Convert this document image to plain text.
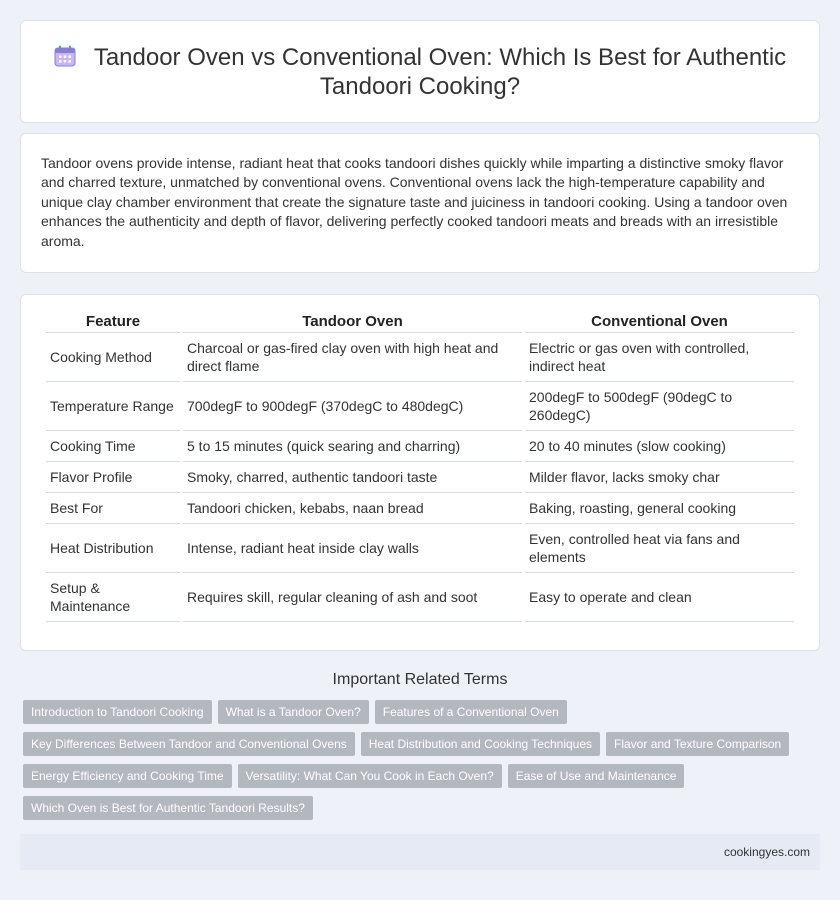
Tandoor Oven vs Conventional Oven: Which Is Best for Authentic Tandoori Cooking?

Tandoor ovens provide intense, radiant heat that cooks tandoori dishes quickly while imparting a distinctive smoky flavor and charred texture, unmatched by conventional ovens. Conventional ovens lack the high-temperature capability and unique clay chamber environment that create the signature taste and juiciness in tandoori cooking. Using a tandoor oven enhances the authenticity and depth of flavor, delivering perfectly cooked tandoori meats and breads with an irresistible aroma.

Feature	Tandoor Oven	Conventional Oven
Cooking Method	Charcoal or gas-fired clay oven with high heat and direct flame	Electric or gas oven with controlled, indirect heat
Temperature Range	700degF to 900degF (370degC to 480degC)	200degF to 500degF (90degC to 260degC)
Cooking Time	5 to 15 minutes (quick searing and charring)	20 to 40 minutes (slow cooking)
Flavor Profile	Smoky, charred, authentic tandoori taste	Milder flavor, lacks smoky char
Best For	Tandoori chicken, kebabs, naan bread	Baking, roasting, general cooking
Heat Distribution	Intense, radiant heat inside clay walls	Even, controlled heat via fans and elements
Setup & Maintenance	Requires skill, regular cleaning of ash and soot	Easy to operate and clean
Important Related Terms
Introduction to Tandoori Cooking	What is a Tandoor Oven?	Features of a Conventional Oven
Key Differences Between Tandoor and Conventional Ovens	Heat Distribution and Cooking Techniques	Flavor and Texture Comparison
Energy Efficiency and Cooking Time	Versatility: What Can You Cook in Each Oven?	Ease of Use and Maintenance
Which Oven is Best for Authentic Tandoori Results?
cookingyes.com
